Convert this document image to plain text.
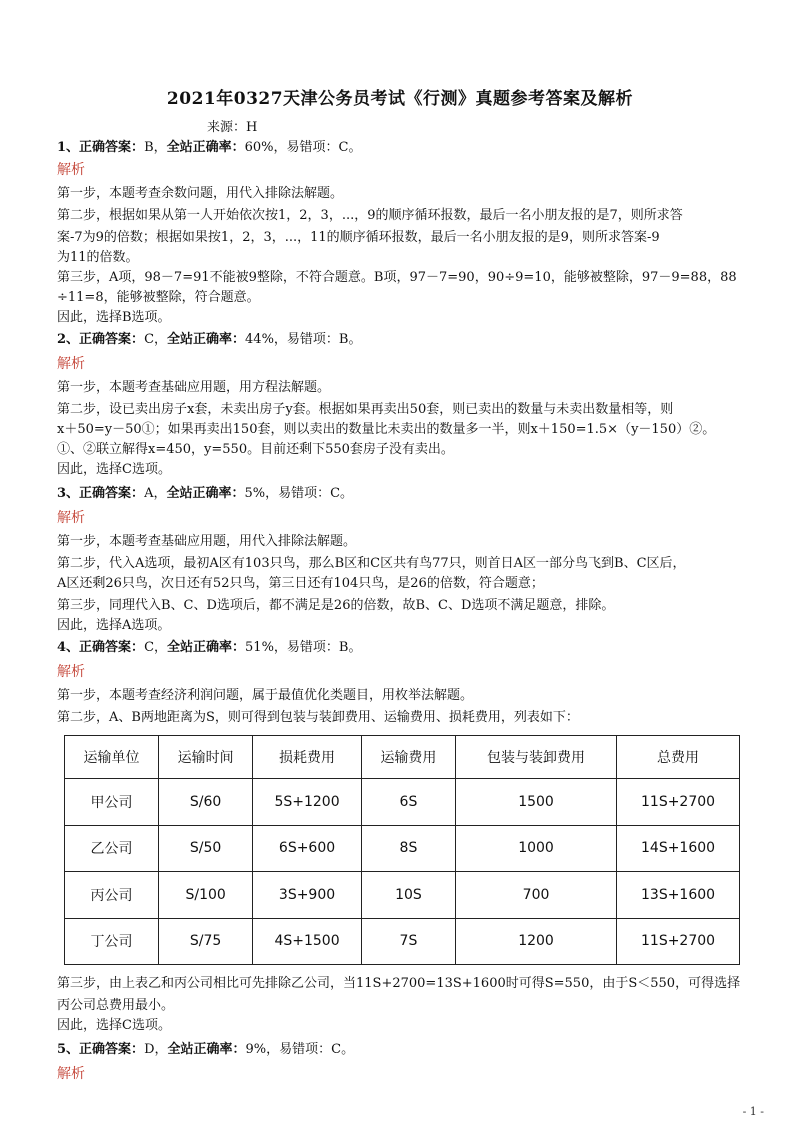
2021年0327天津公务员考试《行测》真题参考答案及解析
来源：H
1、正确答案：B，全站正确率：60%，易错项：C。
解析
第一步，本题考查余数问题，用代入排除法解题。
第二步，根据如果从第一人开始依次按1，2，3，...，9的顺序循环报数，最后一名小朋友报的是7，则所求答
案-7为9的倍数；根据如果按1，2，3，...，11的顺序循环报数，最后一名小朋友报的是9，则所求答案-9
为11的倍数。
第三步，A项，98－7=91不能被9整除，不符合题意。B项，97－7=90，90÷9=10，能够被整除，97－9=88，88
÷11=8，能够被整除，符合题意。
因此，选择B选项。
2、正确答案：C，全站正确率：44%，易错项：B。
解析
第一步，本题考查基础应用题，用方程法解题。
第二步，设已卖出房子x套，未卖出房子y套。根据如果再卖出50套，则已卖出的数量与未卖出数量相等，则
x＋50=y－50①；如果再卖出150套，则以卖出的数量比未卖出的数量多一半，则x＋150=1.5×（y－150）②。
①、②联立解得x=450，y=550。目前还剩下550套房子没有卖出。
因此，选择C选项。
3、正确答案：A，全站正确率：5%，易错项：C。
解析
第一步，本题考查基础应用题，用代入排除法解题。
第二步，代入A选项，最初A区有103只鸟，那么B区和C区共有鸟77只，则首日A区一部分鸟飞到B、C区后，
A区还剩26只鸟，次日还有52只鸟，第三日还有104只鸟，是26的倍数，符合题意；
第三步，同理代入B、C、D选项后，都不满足是26的倍数，故B、C、D选项不满足题意，排除。
因此，选择A选项。
4、正确答案：C，全站正确率：51%，易错项：B。
解析
第一步，本题考查经济利润问题，属于最值优化类题目，用枚举法解题。
第二步，A、B两地距离为S，则可得到包装与装卸费用、运输费用、损耗费用，列表如下：
运输单位	运输时间	损耗费用	运输费用	包装与装卸费用	总费用
甲公司	S/60	5S+1200	6S	1500	11S+2700
乙公司	S/50	6S+600	8S	1000	14S+1600
丙公司	S/100	3S+900	10S	700	13S+1600
丁公司	S/75	4S+1500	7S	1200	11S+2700
第三步，由上表乙和丙公司相比可先排除乙公司，当11S+2700=13S+1600时可得S=550，由于S＜550，可得选择
丙公司总费用最小。
因此，选择C选项。
5、正确答案：D，全站正确率：9%，易错项：C。
解析
- 1 -
